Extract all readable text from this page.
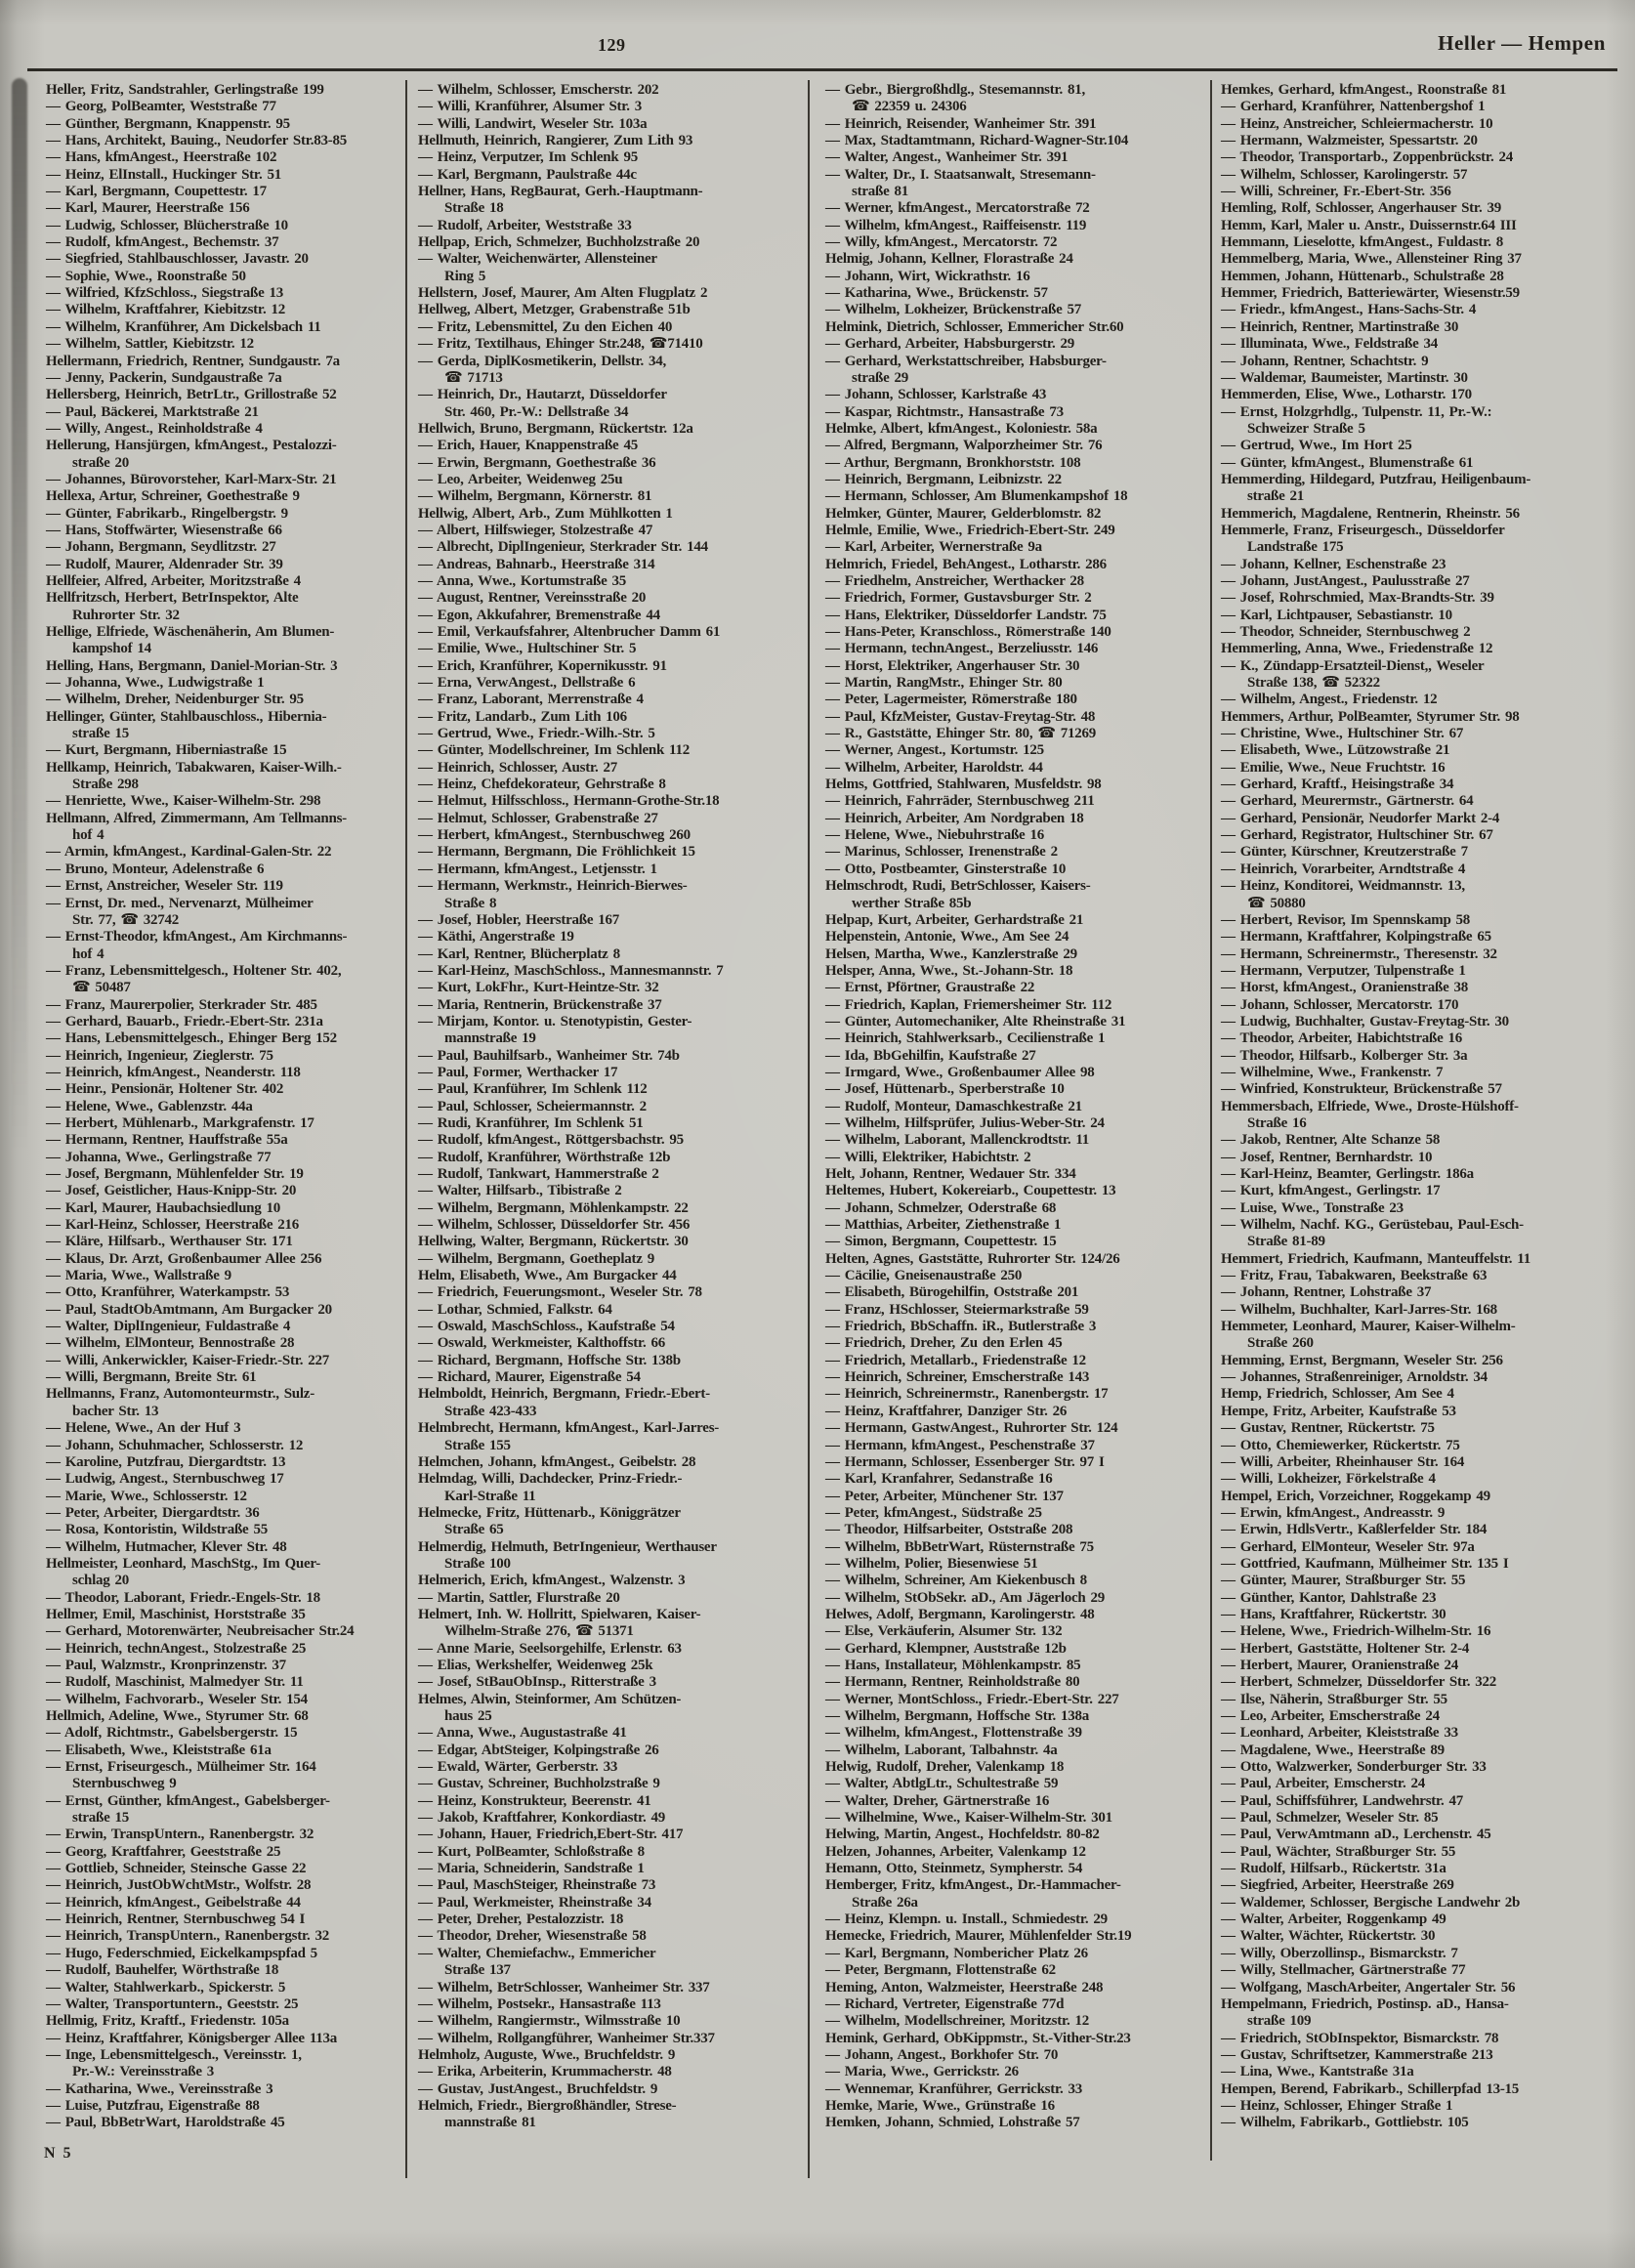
129	Heller — Hempen
Heller, Fritz, Sandstrahler, Gerlingstraße 199
— Georg, PolBeamter, Weststraße 77
— Günther, Bergmann, Knappenstr. 95
— Hans, Architekt, Bauing., Neudorfer Str.83-85
— Hans, kfmAngest., Heerstraße 102
— Heinz, ElInstall., Huckinger Str. 51
— Karl, Bergmann, Coupettestr. 17
— Karl, Maurer, Heerstraße 156
— Ludwig, Schlosser, Blücherstraße 10
— Rudolf, kfmAngest., Bechemstr. 37
— Siegfried, Stahlbauschlosser, Javastr. 20
— Sophie, Wwe., Roonstraße 50
— Wilfried, KfzSchloss., Siegstraße 13
— Wilhelm, Kraftfahrer, Kiebitzstr. 12
— Wilhelm, Kranführer, Am Dickelsbach 11
— Wilhelm, Sattler, Kiebitzstr. 12
Hellermann, Friedrich, Rentner, Sundgaustr. 7a
— Jenny, Packerin, Sundgaustraße 7a
Hellersberg, Heinrich, BetrLtr., Grillostraße 52
— Paul, Bäckerei, Marktstraße 21
— Willy, Angest., Reinholdstraße 4
Hellerung, Hansjürgen, kfmAngest., Pestalozzi-
straße 20
— Johannes, Bürovorsteher, Karl-Marx-Str. 21
Hellexa, Artur, Schreiner, Goethestraße 9
— Günter, Fabrikarb., Ringelbergstr. 9
— Hans, Stoffwärter, Wiesenstraße 66
— Johann, Bergmann, Seydlitzstr. 27
— Rudolf, Maurer, Aldenrader Str. 39
Hellfeier, Alfred, Arbeiter, Moritzstraße 4
Hellfritzsch, Herbert, BetrInspektor, Alte
Ruhrorter Str. 32
Hellige, Elfriede, Wäschenäherin, Am Blumen-
kampshof 14
Helling, Hans, Bergmann, Daniel-Morian-Str. 3
— Johanna, Wwe., Ludwigstraße 1
— Wilhelm, Dreher, Neidenburger Str. 95
Hellinger, Günter, Stahlbauschloss., Hibernia-
straße 15
— Kurt, Bergmann, Hiberniastraße 15
Hellkamp, Heinrich, Tabakwaren, Kaiser-Wilh.-
Straße 298
— Henriette, Wwe., Kaiser-Wilhelm-Str. 298
Hellmann, Alfred, Zimmermann, Am Tellmanns-
hof 4
— Armin, kfmAngest., Kardinal-Galen-Str. 22
— Bruno, Monteur, Adelenstraße 6
— Ernst, Anstreicher, Weseler Str. 119
— Ernst, Dr. med., Nervenarzt, Mülheimer
Str. 77, ☎ 32742
— Ernst-Theodor, kfmAngest., Am Kirchmanns-
hof 4
— Franz, Lebensmittelgesch., Holtener Str. 402,
☎ 50487
— Franz, Maurerpolier, Sterkrader Str. 485
— Gerhard, Bauarb., Friedr.-Ebert-Str. 231a
— Hans, Lebensmittelgesch., Ehinger Berg 152
— Heinrich, Ingenieur, Zieglerstr. 75
— Heinrich, kfmAngest., Neanderstr. 118
— Heinr., Pensionär, Holtener Str. 402
— Helene, Wwe., Gablenzstr. 44a
— Herbert, Mühlenarb., Markgrafenstr. 17
— Hermann, Rentner, Hauffstraße 55a
— Johanna, Wwe., Gerlingstraße 77
— Josef, Bergmann, Mühlenfelder Str. 19
— Josef, Geistlicher, Haus-Knipp-Str. 20
— Karl, Maurer, Haubachsiedlung 10
— Karl-Heinz, Schlosser, Heerstraße 216
— Kläre, Hilfsarb., Werthauser Str. 171
— Klaus, Dr. Arzt, Großenbaumer Allee 256
— Maria, Wwe., Wallstraße 9
— Otto, Kranführer, Waterkampstr. 53
— Paul, StadtObAmtmann, Am Burgacker 20
— Walter, DiplIngenieur, Fuldastraße 4
— Wilhelm, ElMonteur, Bennostraße 28
— Willi, Ankerwickler, Kaiser-Friedr.-Str. 227
— Willi, Bergmann, Breite Str. 61
Hellmanns, Franz, Automonteurmstr., Sulz-
bacher Str. 13
— Helene, Wwe., An der Huf 3
— Johann, Schuhmacher, Schlosserstr. 12
— Karoline, Putzfrau, Diergardtstr. 13
— Ludwig, Angest., Sternbuschweg 17
— Marie, Wwe., Schlosserstr. 12
— Peter, Arbeiter, Diergardtstr. 36
— Rosa, Kontoristin, Wildstraße 55
— Wilhelm, Hutmacher, Klever Str. 48
Hellmeister, Leonhard, MaschStg., Im Quer-
schlag 20
— Theodor, Laborant, Friedr.-Engels-Str. 18
Hellmer, Emil, Maschinist, Horststraße 35
— Gerhard, Motorenwärter, Neubreisacher Str.24
— Heinrich, technAngest., Stolzestraße 25
— Paul, Walzmstr., Kronprinzenstr. 37
— Rudolf, Maschinist, Malmedyer Str. 11
— Wilhelm, Fachvorarb., Weseler Str. 154
Hellmich, Adeline, Wwe., Styrumer Str. 68
— Adolf, Richtmstr., Gabelsbergerstr. 15
— Elisabeth, Wwe., Kleiststraße 61a
— Ernst, Friseurgesch., Mülheimer Str. 164
Sternbuschweg 9
— Ernst, Günther, kfmAngest., Gabelsberger-
straße 15
— Erwin, TranspUntern., Ranenbergstr. 32
— Georg, Kraftfahrer, Geeststraße 25
— Gottlieb, Schneider, Steinsche Gasse 22
— Heinrich, JustObWchtMstr., Wolfstr. 28
— Heinrich, kfmAngest., Geibelstraße 44
— Heinrich, Rentner, Sternbuschweg 54 I
— Heinrich, TranspUntern., Ranenbergstr. 32
— Hugo, Federschmied, Eickelkampspfad 5
— Rudolf, Bauhelfer, Wörthstraße 18
— Walter, Stahlwerkarb., Spickerstr. 5
— Walter, Transportuntern., Geeststr. 25
Hellmig, Fritz, Kraftf., Friedenstr. 105a
— Heinz, Kraftfahrer, Königsberger Allee 113a
— Inge, Lebensmittelgesch., Vereinsstr. 1,
Pr.-W.: Vereinsstraße 3
— Katharina, Wwe., Vereinsstraße 3
— Luise, Putzfrau, Eigenstraße 88
— Paul, BbBetrWart, Haroldstraße 45
— Wilhelm, Schlosser, Emscherstr. 202
— Willi, Kranführer, Alsumer Str. 3
— Willi, Landwirt, Weseler Str. 103a
Hellmuth, Heinrich, Rangierer, Zum Lith 93
— Heinz, Verputzer, Im Schlenk 95
— Karl, Bergmann, Paulstraße 44c
Hellner, Hans, RegBaurat, Gerh.-Hauptmann-
Straße 18
— Rudolf, Arbeiter, Weststraße 33
Hellpap, Erich, Schmelzer, Buchholzstraße 20
— Walter, Weichenwärter, Allensteiner
Ring 5
Hellstern, Josef, Maurer, Am Alten Flugplatz 2
Hellweg, Albert, Metzger, Grabenstraße 51b
— Fritz, Lebensmittel, Zu den Eichen 40
— Fritz, Textilhaus, Ehinger Str.248, ☎71410
— Gerda, DiplKosmetikerin, Dellstr. 34,
☎ 71713
— Heinrich, Dr., Hautarzt, Düsseldorfer
Str. 460, Pr.-W.: Dellstraße 34
Hellwich, Bruno, Bergmann, Rückertstr. 12a
— Erich, Hauer, Knappenstraße 45
— Erwin, Bergmann, Goethestraße 36
— Leo, Arbeiter, Weidenweg 25u
— Wilhelm, Bergmann, Körnerstr. 81
Hellwig, Albert, Arb., Zum Mühlkotten 1
— Albert, Hilfswieger, Stolzestraße 47
— Albrecht, DiplIngenieur, Sterkrader Str. 144
— Andreas, Bahnarb., Heerstraße 314
— Anna, Wwe., Kortumstraße 35
— August, Rentner, Vereinsstraße 20
— Egon, Akkufahrer, Bremenstraße 44
— Emil, Verkaufsfahrer, Altenbrucher Damm 61
— Emilie, Wwe., Hultschiner Str. 5
— Erich, Kranführer, Kopernikusstr. 91
— Erna, VerwAngest., Dellstraße 6
— Franz, Laborant, Merrenstraße 4
— Fritz, Landarb., Zum Lith 106
— Gertrud, Wwe., Friedr.-Wilh.-Str. 5
— Günter, Modellschreiner, Im Schlenk 112
— Heinrich, Schlosser, Austr. 27
— Heinz, Chefdekorateur, Gehrstraße 8
— Helmut, Hilfsschloss., Hermann-Grothe-Str.18
— Helmut, Schlosser, Grabenstraße 27
— Herbert, kfmAngest., Sternbuschweg 260
— Hermann, Bergmann, Die Fröhlichkeit 15
— Hermann, kfmAngest., Letjensstr. 1
— Hermann, Werkmstr., Heinrich-Bierwes-
Straße 8
— Josef, Hobler, Heerstraße 167
— Käthi, Angerstraße 19
— Karl, Rentner, Blücherplatz 8
— Karl-Heinz, MaschSchloss., Mannesmannstr. 7
— Kurt, LokFhr., Kurt-Heintze-Str. 32
— Maria, Rentnerin, Brückenstraße 37
— Mirjam, Kontor. u. Stenotypistin, Gester-
mannstraße 19
— Paul, Bauhilfsarb., Wanheimer Str. 74b
— Paul, Former, Werthacker 17
— Paul, Kranführer, Im Schlenk 112
— Paul, Schlosser, Scheiermannstr. 2
— Rudi, Kranführer, Im Schlenk 51
— Rudolf, kfmAngest., Röttgersbachstr. 95
— Rudolf, Kranführer, Wörthstraße 12b
— Rudolf, Tankwart, Hammerstraße 2
— Walter, Hilfsarb., Tibistraße 2
— Wilhelm, Bergmann, Möhlenkampstr. 22
— Wilhelm, Schlosser, Düsseldorfer Str. 456
Hellwing, Walter, Bergmann, Rückertstr. 30
— Wilhelm, Bergmann, Goetheplatz 9
Helm, Elisabeth, Wwe., Am Burgacker 44
— Friedrich, Feuerungsmont., Weseler Str. 78
— Lothar, Schmied, Falkstr. 64
— Oswald, MaschSchloss., Kaufstraße 54
— Oswald, Werkmeister, Kalthoffstr. 66
— Richard, Bergmann, Hoffsche Str. 138b
— Richard, Maurer, Eigenstraße 54
Helmboldt, Heinrich, Bergmann, Friedr.-Ebert-
Straße 423-433
Helmbrecht, Hermann, kfmAngest., Karl-Jarres-
Straße 155
Helmchen, Johann, kfmAngest., Geibelstr. 28
Helmdag, Willi, Dachdecker, Prinz-Friedr.-
Karl-Straße 11
Helmecke, Fritz, Hüttenarb., Königgrätzer
Straße 65
Helmerdig, Helmuth, BetrIngenieur, Werthauser
Straße 100
Helmerich, Erich, kfmAngest., Walzenstr. 3
— Martin, Sattler, Flurstraße 20
Helmert, Inh. W. Hollritt, Spielwaren, Kaiser-
Wilhelm-Straße 276, ☎ 51371
— Anne Marie, Seelsorgehilfe, Erlenstr. 63
— Elias, Werkshelfer, Weidenweg 25k
— Josef, StBauObInsp., Ritterstraße 3
Helmes, Alwin, Steinformer, Am Schützen-
haus 25
— Anna, Wwe., Augustastraße 41
— Edgar, AbtSteiger, Kolpingstraße 26
— Ewald, Wärter, Gerberstr. 33
— Gustav, Schreiner, Buchholzstraße 9
— Heinz, Konstrukteur, Beerenstr. 41
— Jakob, Kraftfahrer, Konkordiastr. 49
— Johann, Hauer, Friedrich,Ebert-Str. 417
— Kurt, PolBeamter, Schloßstraße 8
— Maria, Schneiderin, Sandstraße 1
— Paul, MaschSteiger, Rheinstraße 73
— Paul, Werkmeister, Rheinstraße 34
— Peter, Dreher, Pestalozzistr. 18
— Theodor, Dreher, Wiesenstraße 58
— Walter, Chemiefachw., Emmericher
Straße 137
— Wilhelm, BetrSchlosser, Wanheimer Str. 337
— Wilhelm, Postsekr., Hansastraße 113
— Wilhelm, Rangiermstr., Wilmsstraße 10
— Wilhelm, Rollgangführer, Wanheimer Str.337
Helmholz, Auguste, Wwe., Bruchfeldstr. 9
— Erika, Arbeiterin, Krummacherstr. 48
— Gustav, JustAngest., Bruchfeldstr. 9
Helmich, Friedr., Biergroßhändler, Strese-
mannstraße 81
— Gebr., Biergroßhdlg., Stesemannstr. 81,
☎ 22359 u. 24306
— Heinrich, Reisender, Wanheimer Str. 391
— Max, Stadtamtmann, Richard-Wagner-Str.104
— Walter, Angest., Wanheimer Str. 391
— Walter, Dr., I. Staatsanwalt, Stresemann-
straße 81
— Werner, kfmAngest., Mercatorstraße 72
— Wilhelm, kfmAngest., Raiffeisenstr. 119
— Willy, kfmAngest., Mercatorstr. 72
Helmig, Johann, Kellner, Florastraße 24
— Johann, Wirt, Wickrathstr. 16
— Katharina, Wwe., Brückenstr. 57
— Wilhelm, Lokheizer, Brückenstraße 57
Helmink, Dietrich, Schlosser, Emmericher Str.60
— Gerhard, Arbeiter, Habsburgerstr. 29
— Gerhard, Werkstattschreiber, Habsburger-
straße 29
— Johann, Schlosser, Karlstraße 43
— Kaspar, Richtmstr., Hansastraße 73
Helmke, Albert, kfmAngest., Koloniestr. 58a
— Alfred, Bergmann, Walporzheimer Str. 76
— Arthur, Bergmann, Bronkhorststr. 108
— Heinrich, Bergmann, Leibnizstr. 22
— Hermann, Schlosser, Am Blumenkampshof 18
Helmker, Günter, Maurer, Gelderblomstr. 82
Helmle, Emilie, Wwe., Friedrich-Ebert-Str. 249
— Karl, Arbeiter, Wernerstraße 9a
Helmrich, Friedel, BehAngest., Lotharstr. 286
— Friedhelm, Anstreicher, Werthacker 28
— Friedrich, Former, Gustavsburger Str. 2
— Hans, Elektriker, Düsseldorfer Landstr. 75
— Hans-Peter, Kranschloss., Römerstraße 140
— Hermann, technAngest., Berzeliusstr. 146
— Horst, Elektriker, Angerhauser Str. 30
— Martin, RangMstr., Ehinger Str. 80
— Peter, Lagermeister, Römerstraße 180
— Paul, KfzMeister, Gustav-Freytag-Str. 48
— R., Gaststätte, Ehinger Str. 80, ☎ 71269
— Werner, Angest., Kortumstr. 125
— Wilhelm, Arbeiter, Haroldstr. 44
Helms, Gottfried, Stahlwaren, Musfeldstr. 98
— Heinrich, Fahrräder, Sternbuschweg 211
— Heinrich, Arbeiter, Am Nordgraben 18
— Helene, Wwe., Niebuhrstraße 16
— Marinus, Schlosser, Irenenstraße 2
— Otto, Postbeamter, Ginsterstraße 10
Helmschrodt, Rudi, BetrSchlosser, Kaisers-
werther Straße 85b
Helpap, Kurt, Arbeiter, Gerhardstraße 21
Helpenstein, Antonie, Wwe., Am See 24
Helsen, Martha, Wwe., Kanzlerstraße 29
Helsper, Anna, Wwe., St.-Johann-Str. 18
— Ernst, Pförtner, Graustraße 22
— Friedrich, Kaplan, Friemersheimer Str. 112
— Günter, Automechaniker, Alte Rheinstraße 31
— Heinrich, Stahlwerksarb., Cecilienstraße 1
— Ida, BbGehilfin, Kaufstraße 27
— Irmgard, Wwe., Großenbaumer Allee 98
— Josef, Hüttenarb., Sperberstraße 10
— Rudolf, Monteur, Damaschkestraße 21
— Wilhelm, Hilfsprüfer, Julius-Weber-Str. 24
— Wilhelm, Laborant, Mallenckrodtstr. 11
— Willi, Elektriker, Habichtstr. 2
Helt, Johann, Rentner, Wedauer Str. 334
Heltemes, Hubert, Kokereiarb., Coupettestr. 13
— Johann, Schmelzer, Oderstraße 68
— Matthias, Arbeiter, Ziethenstraße 1
— Simon, Bergmann, Coupettestr. 15
Helten, Agnes, Gaststätte, Ruhrorter Str. 124/26
— Cäcilie, Gneisenaustraße 250
— Elisabeth, Bürogehilfin, Oststraße 201
— Franz, HSchlosser, Steiermarkstraße 59
— Friedrich, BbSchaffn. iR., Butlerstraße 3
— Friedrich, Dreher, Zu den Erlen 45
— Friedrich, Metallarb., Friedenstraße 12
— Heinrich, Schreiner, Emscherstraße 143
— Heinrich, Schreinermstr., Ranenbergstr. 17
— Heinz, Kraftfahrer, Danziger Str. 26
— Hermann, GastwAngest., Ruhrorter Str. 124
— Hermann, kfmAngest., Peschenstraße 37
— Hermann, Schlosser, Essenberger Str. 97 I
— Karl, Kranfahrer, Sedanstraße 16
— Peter, Arbeiter, Münchener Str. 137
— Peter, kfmAngest., Südstraße 25
— Theodor, Hilfsarbeiter, Oststraße 208
— Wilhelm, BbBetrWart, Rüsternstraße 75
— Wilhelm, Polier, Biesenwiese 51
— Wilhelm, Schreiner, Am Kiekenbusch 8
— Wilhelm, StObSekr. aD., Am Jägerloch 29
Helwes, Adolf, Bergmann, Karolingerstr. 48
— Else, Verkäuferin, Alsumer Str. 132
— Gerhard, Klempner, Auststraße 12b
— Hans, Installateur, Möhlenkampstr. 85
— Hermann, Rentner, Reinholdstraße 80
— Werner, MontSchloss., Friedr.-Ebert-Str. 227
— Wilhelm, Bergmann, Hoffsche Str. 138a
— Wilhelm, kfmAngest., Flottenstraße 39
— Wilhelm, Laborant, Talbahnstr. 4a
Helwig, Rudolf, Dreher, Valenkamp 18
— Walter, AbtlgLtr., Schultestraße 59
— Walter, Dreher, Gärtnerstraße 16
— Wilhelmine, Wwe., Kaiser-Wilhelm-Str. 301
Helwing, Martin, Angest., Hochfeldstr. 80-82
Helzen, Johannes, Arbeiter, Valenkamp 12
Hemann, Otto, Steinmetz, Sympherstr. 54
Hemberger, Fritz, kfmAngest., Dr.-Hammacher-
Straße 26a
— Heinz, Klempn. u. Install., Schmiedestr. 29
Hemecke, Friedrich, Maurer, Mühlenfelder Str.19
— Karl, Bergmann, Nombericher Platz 26
— Peter, Bergmann, Flottenstraße 62
Heming, Anton, Walzmeister, Heerstraße 248
— Richard, Vertreter, Eigenstraße 77d
— Wilhelm, Modellschreiner, Moritzstr. 12
Hemink, Gerhard, ObKippmstr., St.-Vither-Str.23
— Johann, Angest., Borkhofer Str. 70
— Maria, Wwe., Gerrickstr. 26
— Wennemar, Kranführer, Gerrickstr. 33
Hemke, Marie, Wwe., Grünstraße 16
Hemken, Johann, Schmied, Lohstraße 57
Hemkes, Gerhard, kfmAngest., Roonstraße 81
— Gerhard, Kranführer, Nattenbergshof 1
— Heinz, Anstreicher, Schleiermacherstr. 10
— Hermann, Walzmeister, Spessartstr. 20
— Theodor, Transportarb., Zoppenbrückstr. 24
— Wilhelm, Schlosser, Karolingerstr. 57
— Willi, Schreiner, Fr.-Ebert-Str. 356
Hemling, Rolf, Schlosser, Angerhauser Str. 39
Hemm, Karl, Maler u. Anstr., Duissernstr.64 III
Hemmann, Lieselotte, kfmAngest., Fuldastr. 8
Hemmelberg, Maria, Wwe., Allensteiner Ring 37
Hemmen, Johann, Hüttenarb., Schulstraße 28
Hemmer, Friedrich, Batteriewärter, Wiesenstr.59
— Friedr., kfmAngest., Hans-Sachs-Str. 4
— Heinrich, Rentner, Martinstraße 30
— Illuminata, Wwe., Feldstraße 34
— Johann, Rentner, Schachtstr. 9
— Waldemar, Baumeister, Martinstr. 30
Hemmerden, Elise, Wwe., Lotharstr. 170
— Ernst, Holzgrhdlg., Tulpenstr. 11, Pr.-W.:
Schweizer Straße 5
— Gertrud, Wwe., Im Hort 25
— Günter, kfmAngest., Blumenstraße 61
Hemmerding, Hildegard, Putzfrau, Heiligenbaum-
straße 21
Hemmerich, Magdalene, Rentnerin, Rheinstr. 56
Hemmerle, Franz, Friseurgesch., Düsseldorfer
Landstraße 175
— Johann, Kellner, Eschenstraße 23
— Johann, JustAngest., Paulusstraße 27
— Josef, Rohrschmied, Max-Brandts-Str. 39
— Karl, Lichtpauser, Sebastianstr. 10
— Theodor, Schneider, Sternbuschweg 2
Hemmerling, Anna, Wwe., Friedenstraße 12
— K., Zündapp-Ersatzteil-Dienst,, Weseler
Straße 138, ☎ 52322
— Wilhelm, Angest., Friedenstr. 12
Hemmers, Arthur, PolBeamter, Styrumer Str. 98
— Christine, Wwe., Hultschiner Str. 67
— Elisabeth, Wwe., Lützowstraße 21
— Emilie, Wwe., Neue Fruchtstr. 16
— Gerhard, Kraftf., Heisingstraße 34
— Gerhard, Meurermstr., Gärtnerstr. 64
— Gerhard, Pensionär, Neudorfer Markt 2-4
— Gerhard, Registrator, Hultschiner Str. 67
— Günter, Kürschner, Kreutzerstraße 7
— Heinrich, Vorarbeiter, Arndtstraße 4
— Heinz, Konditorei, Weidmannstr. 13,
☎ 50880
— Herbert, Revisor, Im Spennskamp 58
— Hermann, Kraftfahrer, Kolpingstraße 65
— Hermann, Schreinermstr., Theresenstr. 32
— Hermann, Verputzer, Tulpenstraße 1
— Horst, kfmAngest., Oranienstraße 38
— Johann, Schlosser, Mercatorstr. 170
— Ludwig, Buchhalter, Gustav-Freytag-Str. 30
— Theodor, Arbeiter, Habichtstraße 16
— Theodor, Hilfsarb., Kolberger Str. 3a
— Wilhelmine, Wwe., Frankenstr. 7
— Winfried, Konstrukteur, Brückenstraße 57
Hemmersbach, Elfriede, Wwe., Droste-Hülshoff-
Straße 16
— Jakob, Rentner, Alte Schanze 58
— Josef, Rentner, Bernhardstr. 10
— Karl-Heinz, Beamter, Gerlingstr. 186a
— Kurt, kfmAngest., Gerlingstr. 17
— Luise, Wwe., Tonstraße 23
— Wilhelm, Nachf. KG., Gerüstebau, Paul-Esch-
Straße 81-89
Hemmert, Friedrich, Kaufmann, Manteuffelstr. 11
— Fritz, Frau, Tabakwaren, Beekstraße 63
— Johann, Rentner, Lohstraße 37
— Wilhelm, Buchhalter, Karl-Jarres-Str. 168
Hemmeter, Leonhard, Maurer, Kaiser-Wilhelm-
Straße 260
Hemming, Ernst, Bergmann, Weseler Str. 256
— Johannes, Straßenreiniger, Arnoldstr. 34
Hemp, Friedrich, Schlosser, Am See 4
Hempe, Fritz, Arbeiter, Kaufstraße 53
— Gustav, Rentner, Rückertstr. 75
— Otto, Chemiewerker, Rückertstr. 75
— Willi, Arbeiter, Rheinhauser Str. 164
— Willi, Lokheizer, Förkelstraße 4
Hempel, Erich, Vorzeichner, Roggekamp 49
— Erwin, kfmAngest., Andreasstr. 9
— Erwin, HdlsVertr., Kaßlerfelder Str. 184
— Gerhard, ElMonteur, Weseler Str. 97a
— Gottfried, Kaufmann, Mülheimer Str. 135 I
— Günter, Maurer, Straßburger Str. 55
— Günther, Kantor, Dahlstraße 23
— Hans, Kraftfahrer, Rückertstr. 30
— Helene, Wwe., Friedrich-Wilhelm-Str. 16
— Herbert, Gaststätte, Holtener Str. 2-4
— Herbert, Maurer, Oranienstraße 24
— Herbert, Schmelzer, Düsseldorfer Str. 322
— Ilse, Näherin, Straßburger Str. 55
— Leo, Arbeiter, Emscherstraße 24
— Leonhard, Arbeiter, Kleiststraße 33
— Magdalene, Wwe., Heerstraße 89
— Otto, Walzwerker, Sonderburger Str. 33
— Paul, Arbeiter, Emscherstr. 24
— Paul, Schiffsführer, Landwehrstr. 47
— Paul, Schmelzer, Weseler Str. 85
— Paul, VerwAmtmann aD., Lerchenstr. 45
— Paul, Wächter, Straßburger Str. 55
— Rudolf, Hilfsarb., Rückertstr. 31a
— Siegfried, Arbeiter, Heerstraße 269
— Waldemer, Schlosser, Bergische Landwehr 2b
— Walter, Arbeiter, Roggenkamp 49
— Walter, Wächter, Rückertstr. 30
— Willy, Oberzollinsp., Bismarckstr. 7
— Willy, Stellmacher, Gärtnerstraße 77
— Wolfgang, MaschArbeiter, Angertaler Str. 56
Hempelmann, Friedrich, Postinsp. aD., Hansa-
straße 109
— Friedrich, StObInspektor, Bismarckstr. 78
— Gustav, Schriftsetzer, Kammerstraße 213
— Lina, Wwe., Kantstraße 31a
Hempen, Berend, Fabrikarb., Schillerpfad 13-15
— Heinz, Schlosser, Ehinger Straße 1
— Wilhelm, Fabrikarb., Gottliebstr. 105
N 5
